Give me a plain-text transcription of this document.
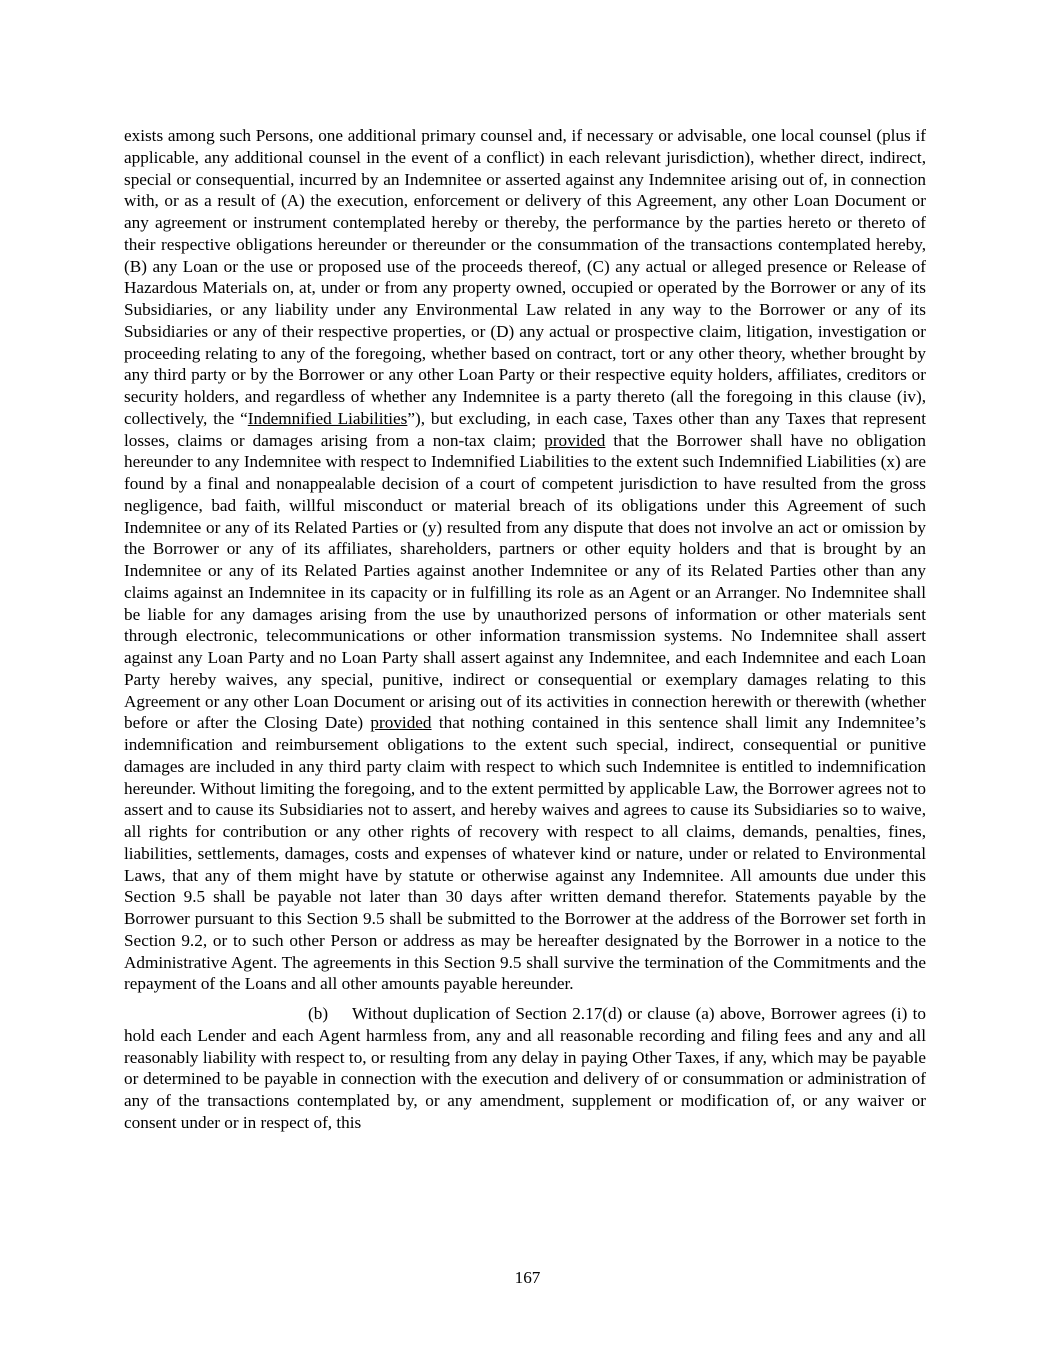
exists among such Persons, one additional primary counsel and, if necessary or advisable, one local counsel (plus if applicable, any additional counsel in the event of a conflict) in each relevant jurisdiction), whether direct, indirect, special or consequential, incurred by an Indemnitee or asserted against any Indemnitee arising out of, in connection with, or as a result of (A) the execution, enforcement or delivery of this Agreement, any other Loan Document or any agreement or instrument contemplated hereby or thereby, the performance by the parties hereto or thereto of their respective obligations hereunder or thereunder or the consummation of the transactions contemplated hereby, (B) any Loan or the use or proposed use of the proceeds thereof, (C) any actual or alleged presence or Release of Hazardous Materials on, at, under or from any property owned, occupied or operated by the Borrower or any of its Subsidiaries, or any liability under any Environmental Law related in any way to the Borrower or any of its Subsidiaries or any of their respective properties, or (D) any actual or prospective claim, litigation, investigation or proceeding relating to any of the foregoing, whether based on contract, tort or any other theory, whether brought by any third party or by the Borrower or any other Loan Party or their respective equity holders, affiliates, creditors or security holders, and regardless of whether any Indemnitee is a party thereto (all the foregoing in this clause (iv), collectively, the “Indemnified Liabilities”), but excluding, in each case, Taxes other than any Taxes that represent losses, claims or damages arising from a non-tax claim; provided that the Borrower shall have no obligation hereunder to any Indemnitee with respect to Indemnified Liabilities to the extent such Indemnified Liabilities (x) are found by a final and nonappealable decision of a court of competent jurisdiction to have resulted from the gross negligence, bad faith, willful misconduct or material breach of its obligations under this Agreement of such Indemnitee or any of its Related Parties or (y) resulted from any dispute that does not involve an act or omission by the Borrower or any of its affiliates, shareholders, partners or other equity holders and that is brought by an Indemnitee or any of its Related Parties against another Indemnitee or any of its Related Parties other than any claims against an Indemnitee in its capacity or in fulfilling its role as an Agent or an Arranger. No Indemnitee shall be liable for any damages arising from the use by unauthorized persons of information or other materials sent through electronic, telecommunications or other information transmission systems. No Indemnitee shall assert against any Loan Party and no Loan Party shall assert against any Indemnitee, and each Indemnitee and each Loan Party hereby waives, any special, punitive, indirect or consequential or exemplary damages relating to this Agreement or any other Loan Document or arising out of its activities in connection herewith or therewith (whether before or after the Closing Date) provided that nothing contained in this sentence shall limit any Indemnitee’s indemnification and reimbursement obligations to the extent such special, indirect, consequential or punitive damages are included in any third party claim with respect to which such Indemnitee is entitled to indemnification hereunder. Without limiting the foregoing, and to the extent permitted by applicable Law, the Borrower agrees not to assert and to cause its Subsidiaries not to assert, and hereby waives and agrees to cause its Subsidiaries so to waive, all rights for contribution or any other rights of recovery with respect to all claims, demands, penalties, fines, liabilities, settlements, damages, costs and expenses of whatever kind or nature, under or related to Environmental Laws, that any of them might have by statute or otherwise against any Indemnitee. All amounts due under this Section 9.5 shall be payable not later than 30 days after written demand therefor. Statements payable by the Borrower pursuant to this Section 9.5 shall be submitted to the Borrower at the address of the Borrower set forth in Section 9.2, or to such other Person or address as may be hereafter designated by the Borrower in a notice to the Administrative Agent. The agreements in this Section 9.5 shall survive the termination of the Commitments and the repayment of the Loans and all other amounts payable hereunder.

(b) Without duplication of Section 2.17(d) or clause (a) above, Borrower agrees (i) to hold each Lender and each Agent harmless from, any and all reasonable recording and filing fees and any and all reasonably liability with respect to, or resulting from any delay in paying Other Taxes, if any, which may be payable or determined to be payable in connection with the execution and delivery of or consummation or administration of any of the transactions contemplated by, or any amendment, supplement or modification of, or any waiver or consent under or in respect of, this

167
